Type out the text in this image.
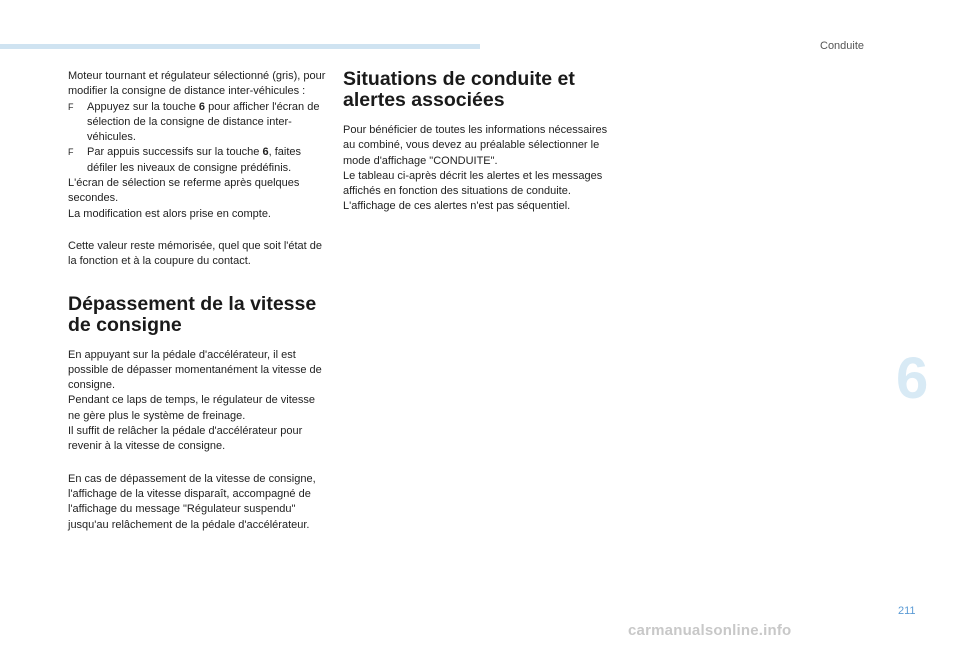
Conduite
6

Moteur tournant et régulateur sélectionné (gris), pour modifier la consigne de distance inter-véhicules :

F Appuyez sur la touche 6 pour afficher l'écran de sélection de la consigne de distance inter-véhicules.
F Par appuis successifs sur la touche 6, faites défiler les niveaux de consigne prédéfinis.

L'écran de sélection se referme après quelques secondes.

La modification est alors prise en compte.

Cette valeur reste mémorisée, quel que soit l'état de la fonction et à la coupure du contact.

Dépassement de la vitesse de consigne

En appuyant sur la pédale d'accélérateur, il est possible de dépasser momentanément la vitesse de consigne.

Pendant ce laps de temps, le régulateur de vitesse ne gère plus le système de freinage.

Il suffit de relâcher la pédale d'accélérateur pour revenir à la vitesse de consigne.

En cas de dépassement de la vitesse de consigne, l'affichage de la vitesse disparaît, accompagné de l'affichage du message "Régulateur suspendu" jusqu'au relâchement de la pédale d'accélérateur.

Situations de conduite et alertes associées

Pour bénéficier de toutes les informations nécessaires au combiné, vous devez au préalable sélectionner le mode d'affichage "CONDUITE".

Le tableau ci-après décrit les alertes et les messages affichés en fonction des situations de conduite.

L'affichage de ces alertes n'est pas séquentiel.

211
carmanualsonline.info
